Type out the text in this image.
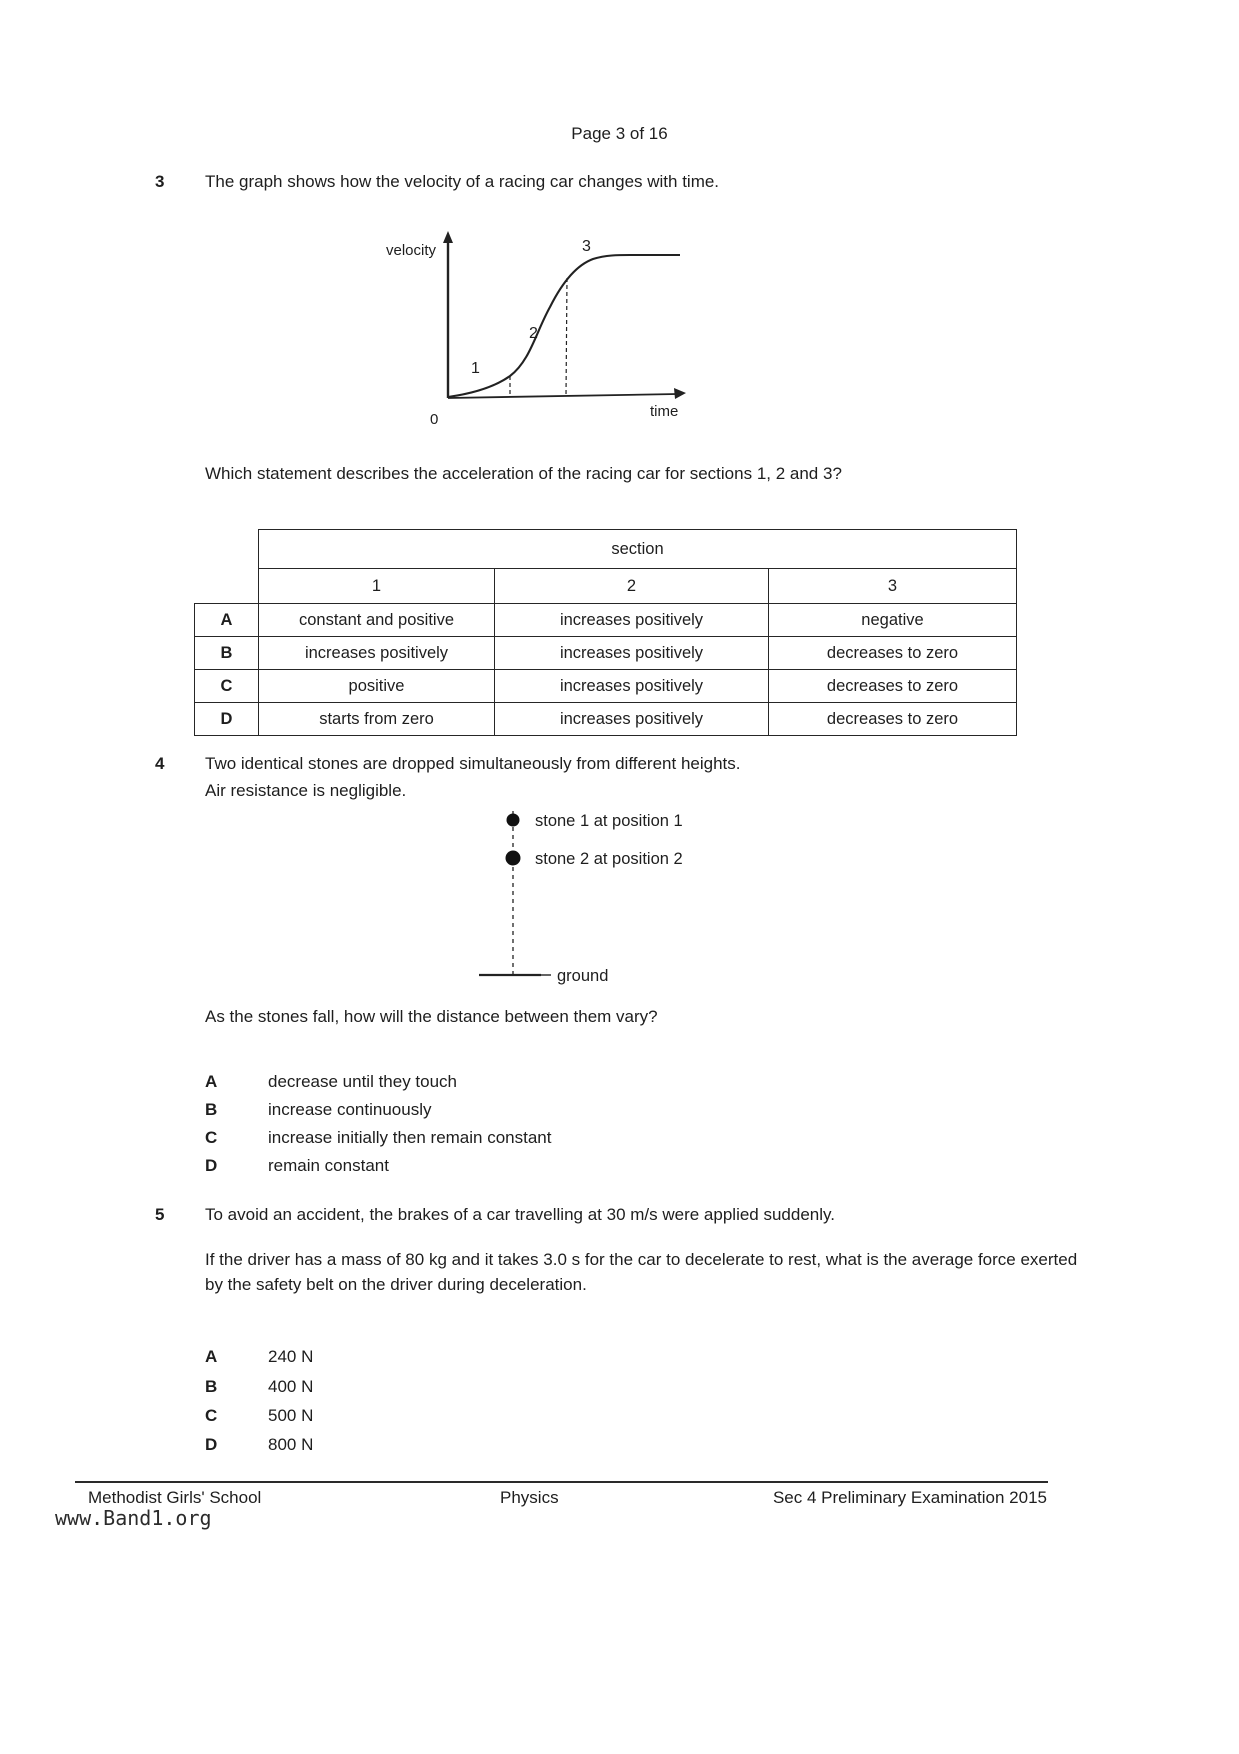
Page 3 of 16
3 The graph shows how the velocity of a racing car changes with time.
velocity
time
0
1
2
3
Which statement describes the acceleration of the racing car for sections 1, 2 and 3?
	section		
	1	2	3
A	constant and positive	increases positively	negative
B	increases positively	increases positively	decreases to zero
C	positive	increases positively	decreases to zero
D	starts from zero	increases positively	decreases to zero
4 Two identical stones are dropped simultaneously from different heights.
Air resistance is negligible.
stone 1 at position 1
stone 2 at position 2
ground
As the stones fall, how will the distance between them vary?
A	decrease until they touch
B	increase continuously
C	increase initially then remain constant
D	remain constant
5 To avoid an accident, the brakes of a car travelling at 30 m/s were applied suddenly.
If the driver has a mass of 80 kg and it takes 3.0 s for the car to decelerate to rest, what is the average force exerted by the safety belt on the driver during deceleration.
A	240 N
B	400 N
C	500 N
D	800 N
Methodist Girls' School	Physics	Sec 4 Preliminary Examination 2015
www.Band1.org
